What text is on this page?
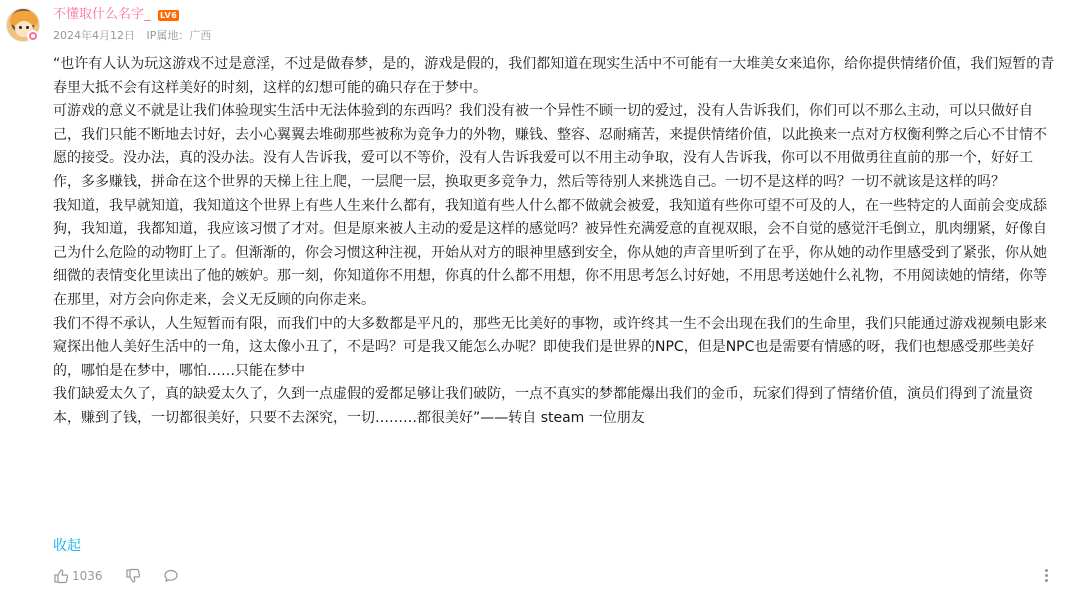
不懂取什么名字_ LV6
2024年4月12日 IP属地：广西

“也许有人认为玩这游戏不过是意淫，不过是做春梦，是的，游戏是假的，我们都知道在现实生活中不可能有一大堆美女来追你，给你提供情绪价值，我们短暂的青春里大抵不会有这样美好的时刻，这样的幻想可能的确只存在于梦中。

可游戏的意义不就是让我们体验现实生活中无法体验到的东西吗？我们没有被一个异性不顾一切的爱过，没有人告诉我们，你们可以不那么主动，可以只做好自己，我们只能不断地去讨好，去小心翼翼去堆砌那些被称为竞争力的外物，赚钱、整容、忍耐痛苦，来提供情绪价值，以此换来一点对方权衡利弊之后心不甘情不愿的接受。没办法，真的没办法。没有人告诉我，爱可以不等价，没有人告诉我爱可以不用主动争取，没有人告诉我，你可以不用做勇往直前的那一个，好好工作，多多赚钱，拼命在这个世界的天梯上往上爬，一层爬一层，换取更多竞争力，然后等待别人来挑选自己。一切不是这样的吗？一切不就该是这样的吗？

我知道，我早就知道，我知道这个世界上有些人生来什么都有，我知道有些人什么都不做就会被爱，我知道有些你可望不可及的人，在一些特定的人面前会变成舔狗，我知道，我都知道，我应该习惯了才对。但是原来被人主动的爱是这样的感觉吗？被异性充满爱意的直视双眼，会不自觉的感觉汗毛倒立，肌肉绷紧，好像自己为什么危险的动物盯上了。但渐渐的，你会习惯这种注视，开始从对方的眼神里感到安全，你从她的声音里听到了在乎，你从她的动作里感受到了紧张，你从她细微的表情变化里读出了他的嫉妒。那一刻，你知道你不用想，你真的什么都不用想，你不用思考怎么讨好她，不用思考送她什么礼物，不用阅读她的情绪，你等在那里，对方会向你走来，会义无反顾的向你走来。

我们不得不承认，人生短暂而有限，而我们中的大多数都是平凡的，那些无比美好的事物，或许终其一生不会出现在我们的生命里，我们只能通过游戏视频电影来窥探出他人美好生活中的一角，这太像小丑了，不是吗？可是我又能怎么办呢？即使我们是世界的NPC，但是NPC也是需要有情感的呀，我们也想感受那些美好的，哪怕是在梦中，哪怕……只能在梦中

我们缺爱太久了，真的缺爱太久了，久到一点虚假的爱都足够让我们破防，一点不真实的梦都能爆出我们的金币，玩家们得到了情绪价值，演员们得到了流量资本，赚到了钱，一切都很美好，只要不去深究，一切………都很美好”——转自 steam 一位朋友

收起
1036
